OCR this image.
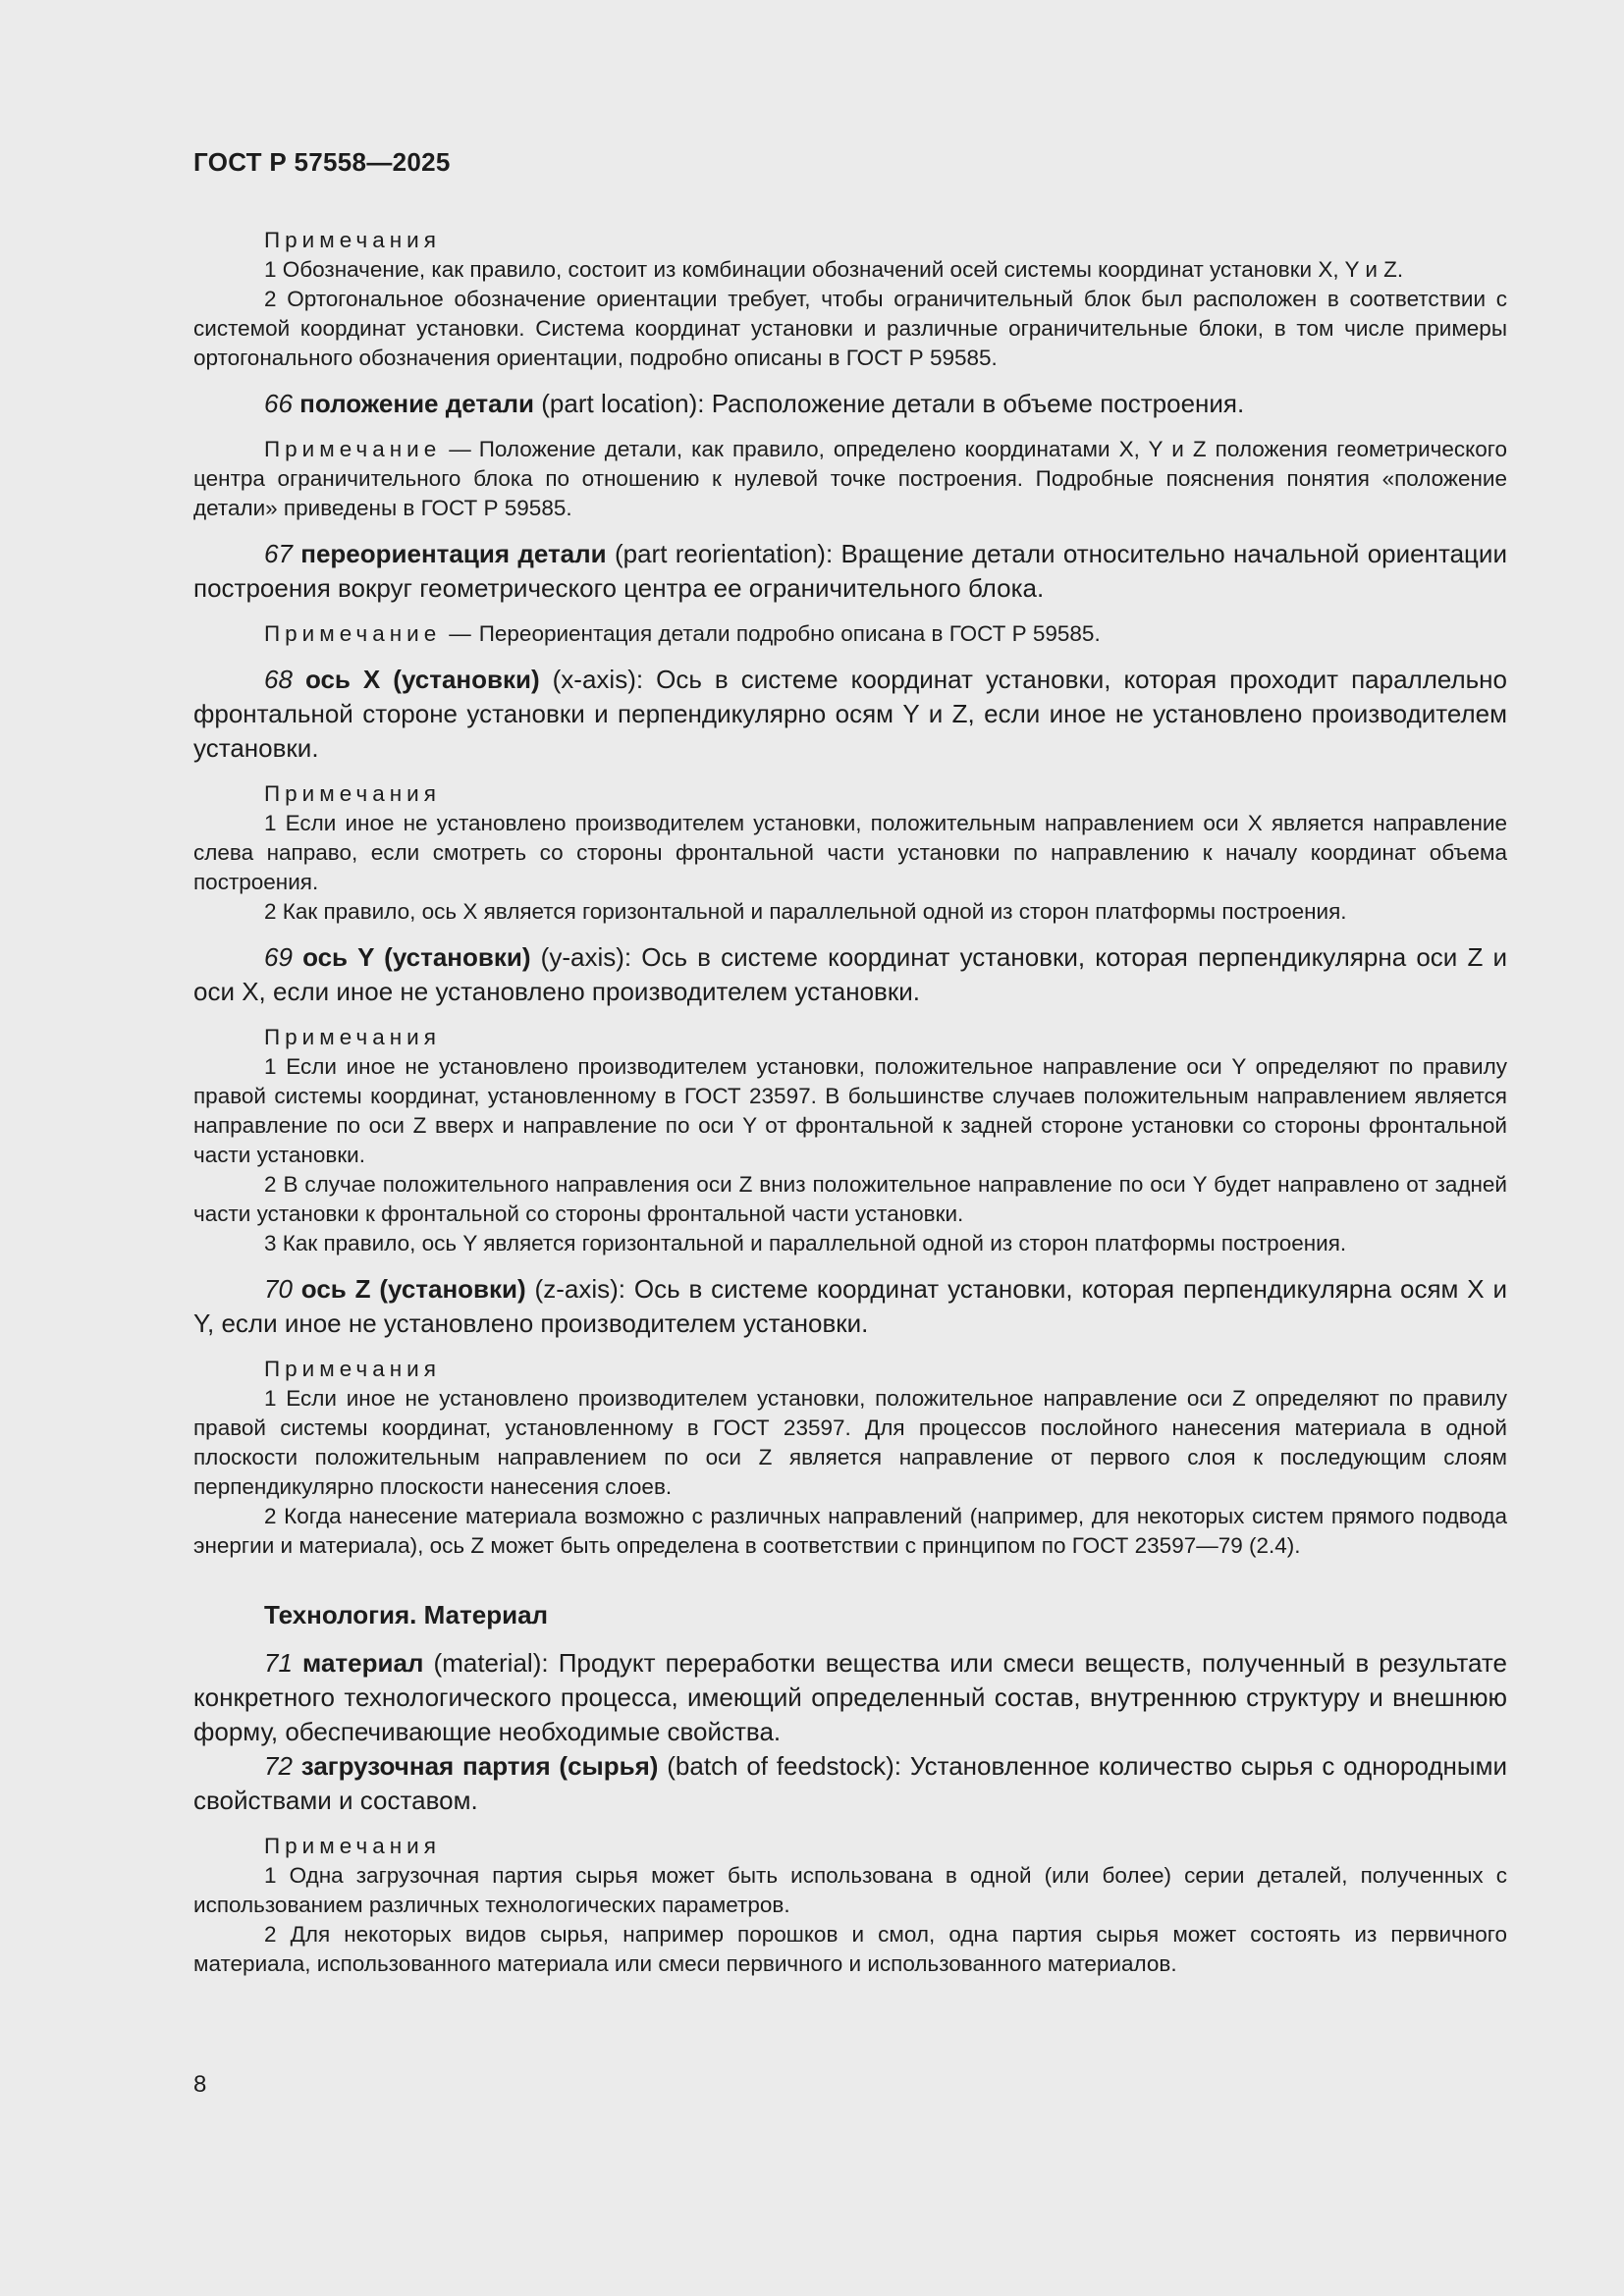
ГОСТ Р 57558—2025

Примечания

1 Обозначение, как правило, состоит из комбинации обозначений осей системы координат установки X, Y и Z.

2 Ортогональное обозначение ориентации требует, чтобы ограничительный блок был расположен в соответствии с системой координат установки. Система координат установки и различные ограничительные блоки, в том числе примеры ортогонального обозначения ориентации, подробно описаны в ГОСТ Р 59585.

66 положение детали (part location): Расположение детали в объеме построения.

Примечание — Положение детали, как правило, определено координатами X, Y и Z положения геометрического центра ограничительного блока по отношению к нулевой точке построения. Подробные пояснения понятия «положение детали» приведены в ГОСТ Р 59585.

67 переориентация детали (part reorientation): Вращение детали относительно начальной ориентации построения вокруг геометрического центра ее ограничительного блока.

Примечание — Переориентация детали подробно описана в ГОСТ Р 59585.

68 ось X (установки) (x-axis): Ось в системе координат установки, которая проходит параллельно фронтальной стороне установки и перпендикулярно осям Y и Z, если иное не установлено производителем установки.

Примечания

1 Если иное не установлено производителем установки, положительным направлением оси X является направление слева направо, если смотреть со стороны фронтальной части установки по направлению к началу координат объема построения.

2 Как правило, ось X является горизонтальной и параллельной одной из сторон платформы построения.

69 ось Y (установки) (y-axis): Ось в системе координат установки, которая перпендикулярна оси Z и оси X, если иное не установлено производителем установки.

Примечания

1 Если иное не установлено производителем установки, положительное направление оси Y определяют по правилу правой системы координат, установленному в ГОСТ 23597. В большинстве случаев положительным направлением является направление по оси Z вверх и направление по оси Y от фронтальной к задней стороне установки со стороны фронтальной части установки.

2 В случае положительного направления оси Z вниз положительное направление по оси Y будет направлено от задней части установки к фронтальной со стороны фронтальной части установки.

3 Как правило, ось Y является горизонтальной и параллельной одной из сторон платформы построения.

70 ось Z (установки) (z-axis): Ось в системе координат установки, которая перпендикулярна осям X и Y, если иное не установлено производителем установки.

Примечания

1 Если иное не установлено производителем установки, положительное направление оси Z определяют по правилу правой системы координат, установленному в ГОСТ 23597. Для процессов послойного нанесения материала в одной плоскости положительным направлением по оси Z является направление от первого слоя к последующим слоям перпендикулярно плоскости нанесения слоев.

2 Когда нанесение материала возможно с различных направлений (например, для некоторых систем прямого подвода энергии и материала), ось Z может быть определена в соответствии с принципом по ГОСТ 23597—79 (2.4).

Технология. Материал

71 материал (material): Продукт переработки вещества или смеси веществ, полученный в результате конкретного технологического процесса, имеющий определенный состав, внутреннюю структуру и внешнюю форму, обеспечивающие необходимые свойства.

72 загрузочная партия (сырья) (batch of feedstock): Установленное количество сырья с однородными свойствами и составом.

Примечания

1 Одна загрузочная партия сырья может быть использована в одной (или более) серии деталей, полученных с использованием различных технологических параметров.

2 Для некоторых видов сырья, например порошков и смол, одна партия сырья может состоять из первичного материала, использованного материала или смеси первичного и использованного материалов.

8
